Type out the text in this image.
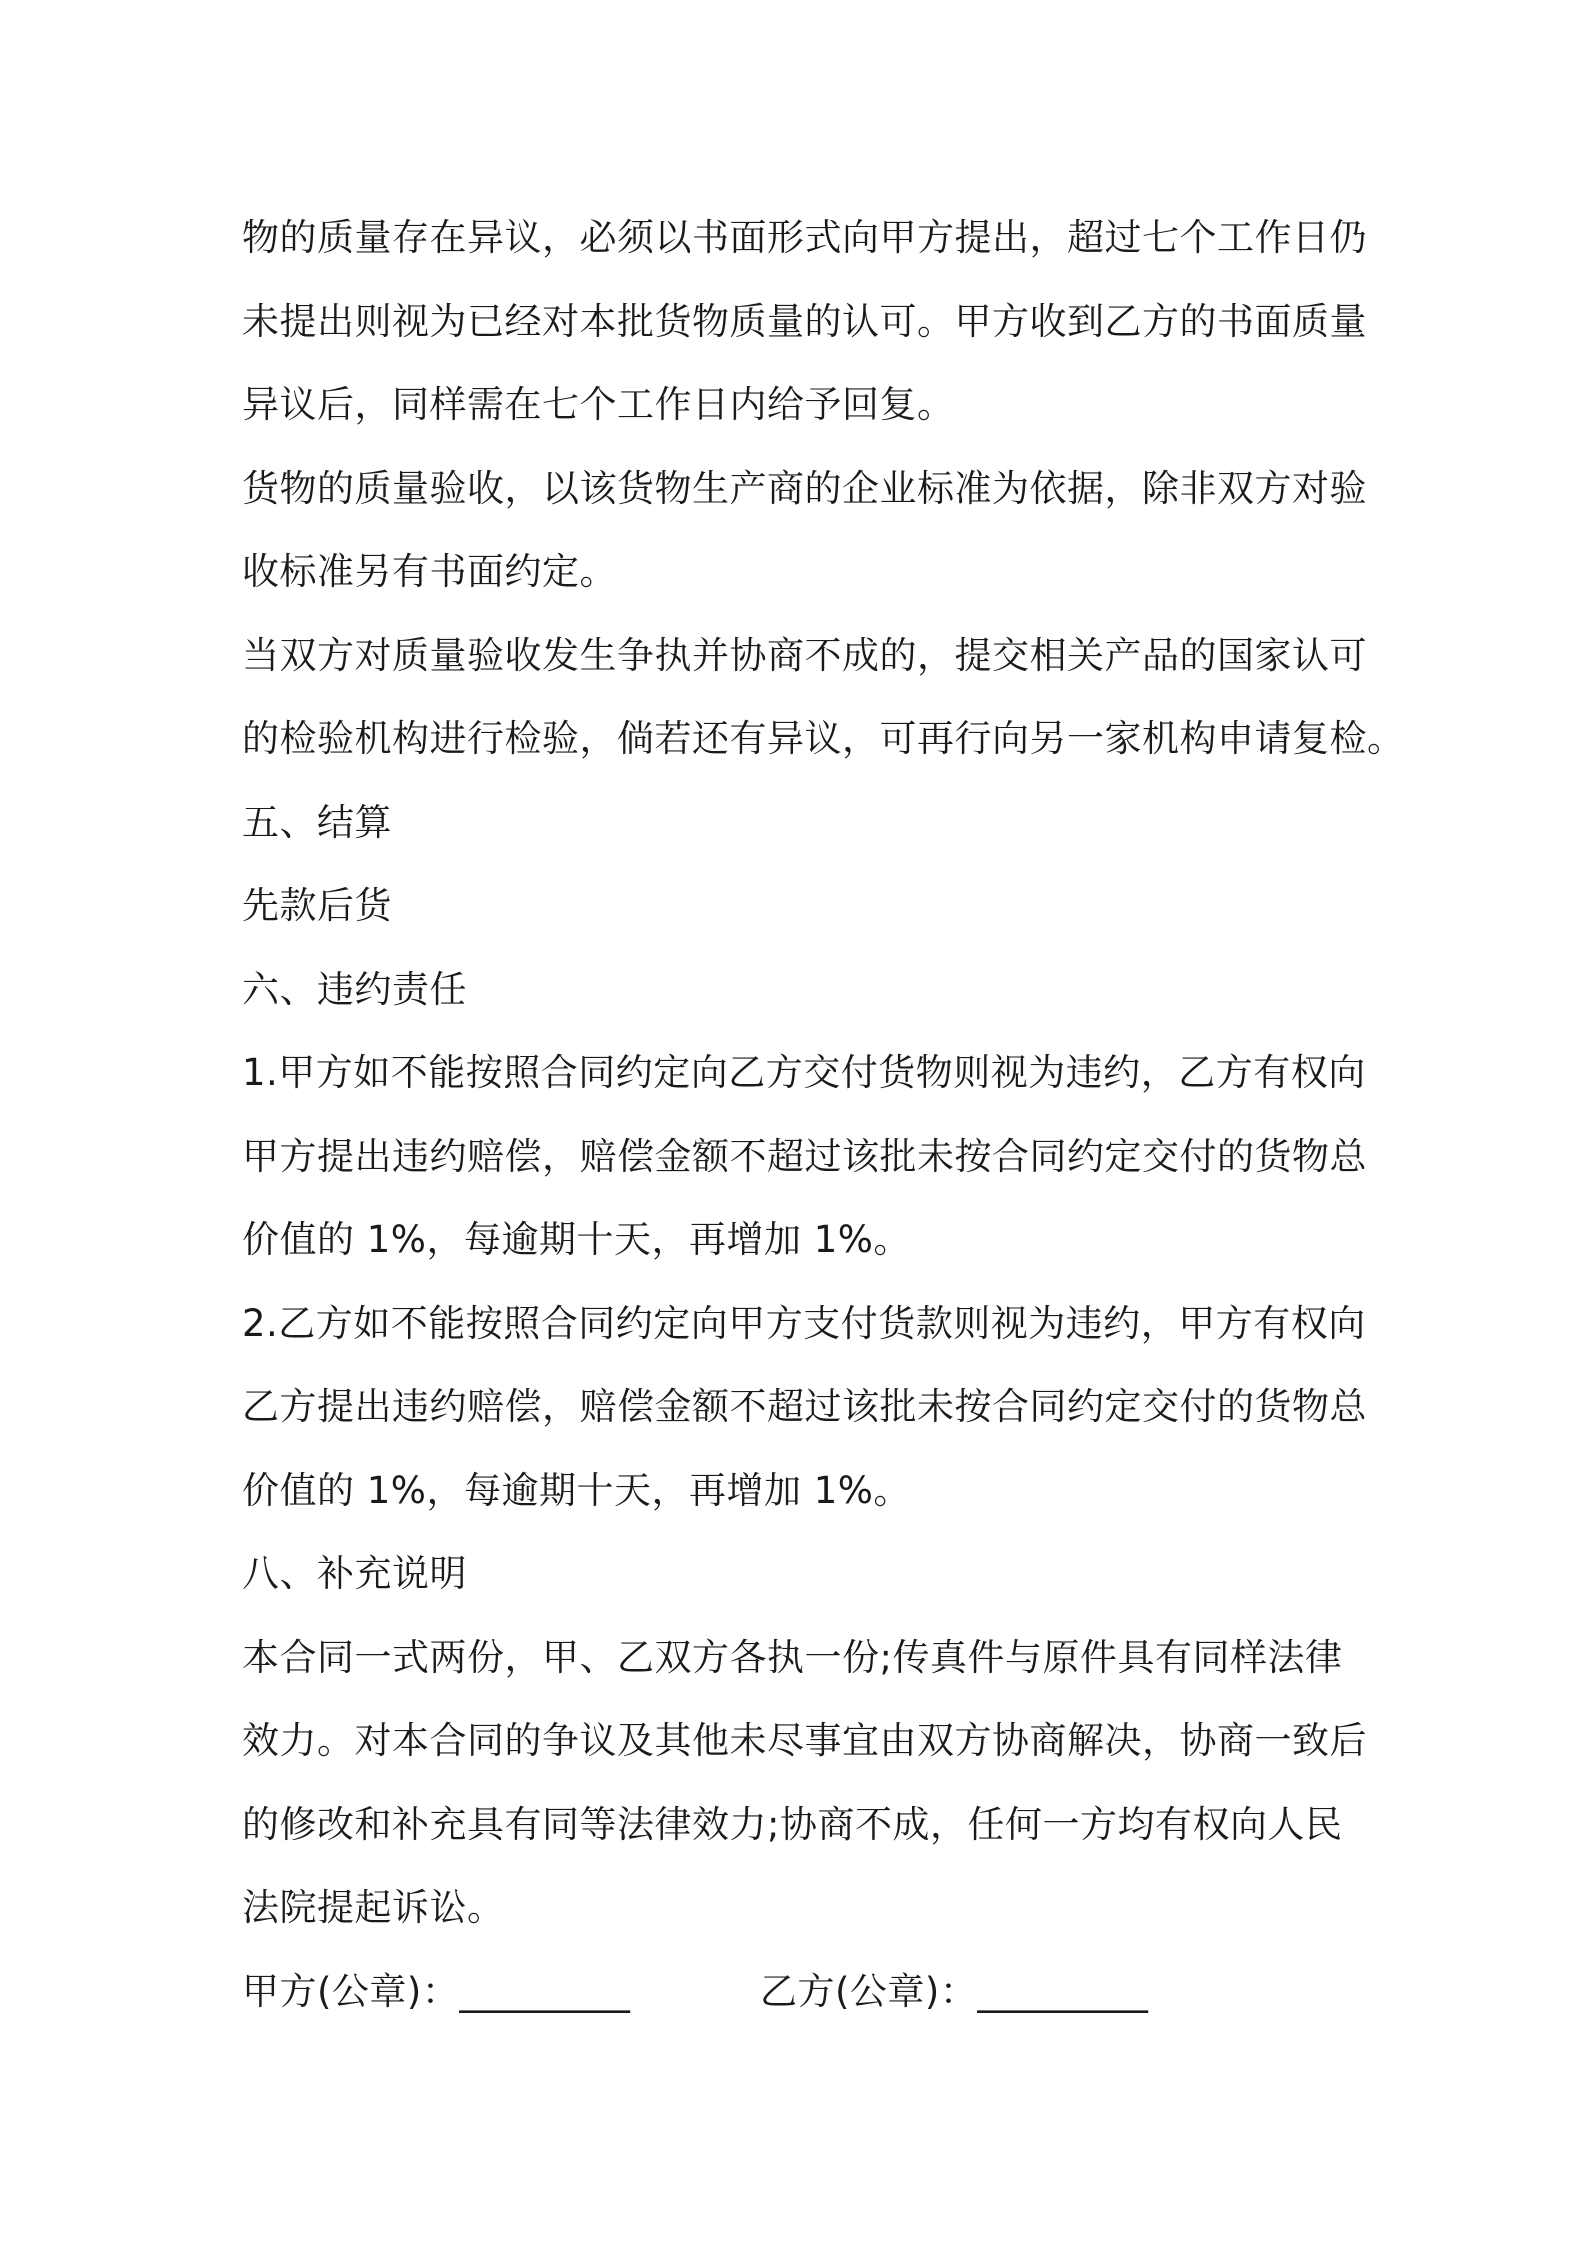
物的质量存在异议，必须以书面形式向甲方提出，超过七个工作日仍
未提出则视为已经对本批货物质量的认可。甲方收到乙方的书面质量
异议后，同样需在七个工作日内给予回复。
货物的质量验收，以该货物生产商的企业标准为依据，除非双方对验
收标准另有书面约定。
当双方对质量验收发生争执并协商不成的，提交相关产品的国家认可
的检验机构进行检验，倘若还有异议，可再行向另一家机构申请复检。
五、结算
先款后货
六、违约责任
1.甲方如不能按照合同约定向乙方交付货物则视为违约，乙方有权向
甲方提出违约赔偿，赔偿金额不超过该批未按合同约定交付的货物总
价值的 1%，每逾期十天，再增加 1%。
2.乙方如不能按照合同约定向甲方支付货款则视为违约，甲方有权向
乙方提出违约赔偿，赔偿金额不超过该批未按合同约定交付的货物总
价值的 1%，每逾期十天，再增加 1%。
八、补充说明
本合同一式两份，甲、乙双方各执一份;传真件与原件具有同样法律
效力。对本合同的争议及其他未尽事宜由双方协商解决，协商一致后
的修改和补充具有同等法律效力;协商不成，任何一方均有权向人民
法院提起诉讼。
甲方(公章)：_________	乙方(公章)：_________
